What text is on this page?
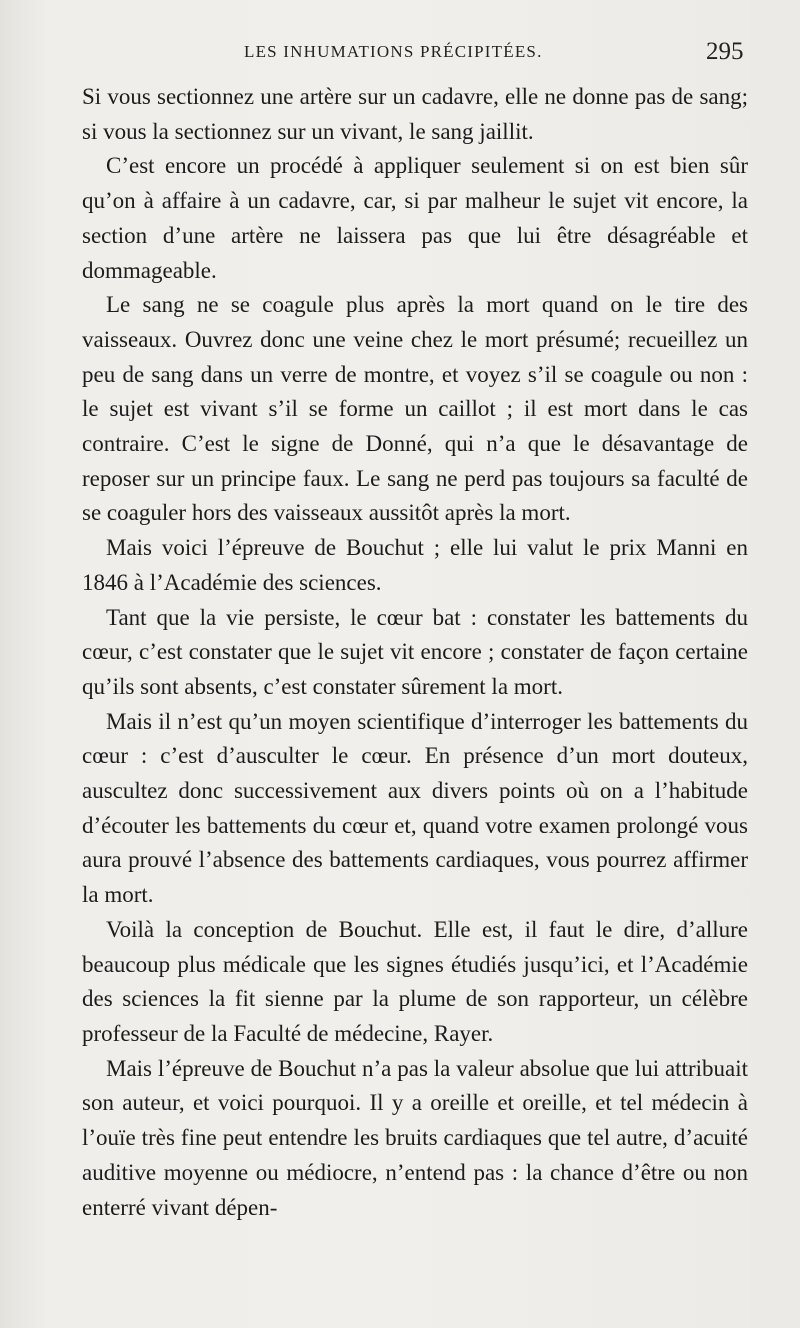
LES INHUMATIONS PRÉCIPITÉES.	295

Si vous sectionnez une artère sur un cadavre, elle ne donne pas de sang; si vous la sectionnez sur un vivant, le sang jaillit.

C’est encore un procédé à appliquer seulement si on est bien sûr qu’on à affaire à un cadavre, car, si par malheur le sujet vit encore, la section d’une artère ne laissera pas que lui être désagréable et dommageable.

Le sang ne se coagule plus après la mort quand on le tire des vaisseaux. Ouvrez donc une veine chez le mort présumé; recueillez un peu de sang dans un verre de montre, et voyez s’il se coagule ou non : le sujet est vivant s’il se forme un caillot ; il est mort dans le cas contraire. C’est le signe de Donné, qui n’a que le désavantage de reposer sur un principe faux. Le sang ne perd pas toujours sa faculté de se coaguler hors des vaisseaux aussitôt après la mort.

Mais voici l’épreuve de Bouchut ; elle lui valut le prix Manni en 1846 à l’Académie des sciences.

Tant que la vie persiste, le cœur bat : constater les battements du cœur, c’est constater que le sujet vit encore ; constater de façon certaine qu’ils sont absents, c’est constater sûrement la mort.

Mais il n’est qu’un moyen scientifique d’interroger les battements du cœur : c’est d’ausculter le cœur. En présence d’un mort douteux, auscultez donc successivement aux divers points où on a l’habitude d’écouter les battements du cœur et, quand votre examen prolongé vous aura prouvé l’absence des battements cardiaques, vous pourrez affirmer la mort.

Voilà la conception de Bouchut. Elle est, il faut le dire, d’allure beaucoup plus médicale que les signes étudiés jusqu’ici, et l’Académie des sciences la fit sienne par la plume de son rapporteur, un célèbre professeur de la Faculté de médecine, Rayer.

Mais l’épreuve de Bouchut n’a pas la valeur absolue que lui attribuait son auteur, et voici pourquoi. Il y a oreille et oreille, et tel médecin à l’ouïe très fine peut entendre les bruits cardiaques que tel autre, d’acuité auditive moyenne ou médiocre, n’entend pas : la chance d’être ou non enterré vivant dépen-
